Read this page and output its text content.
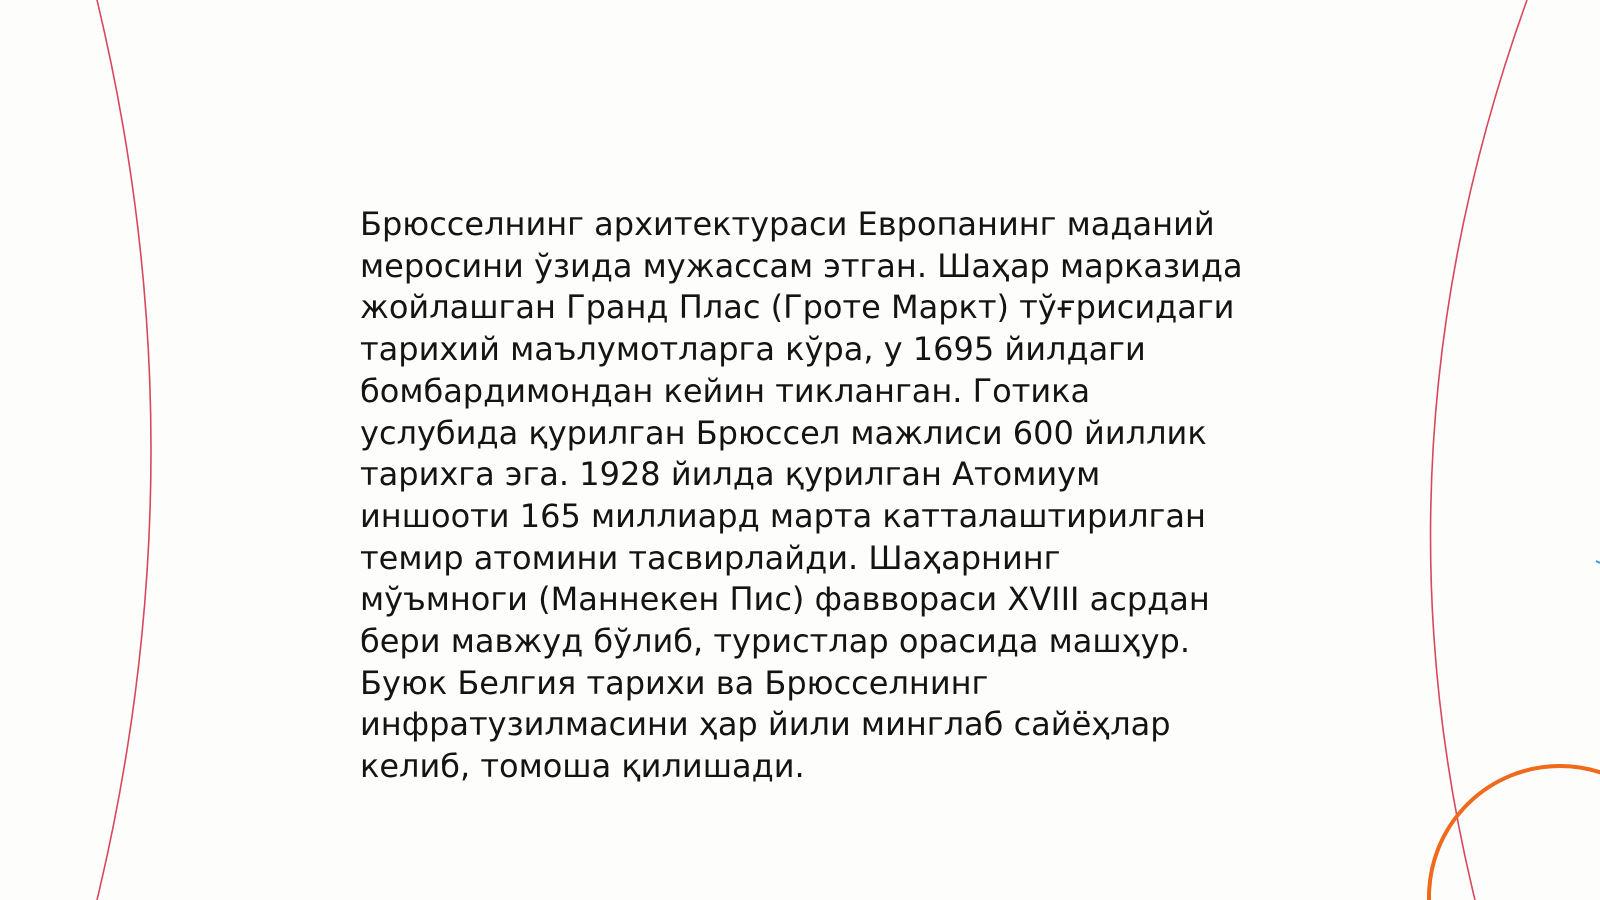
Брюсселнинг архитектураси Европанинг маданий
меросини ўзида мужассам этган. Шаҳар марказида
жойлашган Гранд Плас (Гроте Маркт) тўғрисидаги
тарихий маълумотларга кўра, у 1695 йилдаги
бомбардимондан кейин тикланган. Готика
услубида қурилган Брюссел мажлиси 600 йиллик
тарихга эга. 1928 йилда қурилган Атомиум
иншооти 165 миллиард марта катталаштирилган
темир атомини тасвирлайди. Шаҳарнинг
мўъмноги (Маннекен Пис) фаввораси XVIII асрдан
бери мавжуд бўлиб, туристлар орасида машҳур.
Буюк Белгия тарихи ва Брюсселнинг
инфратузилмасини ҳар йили минглаб сайёҳлар
келиб, томоша қилишади.
